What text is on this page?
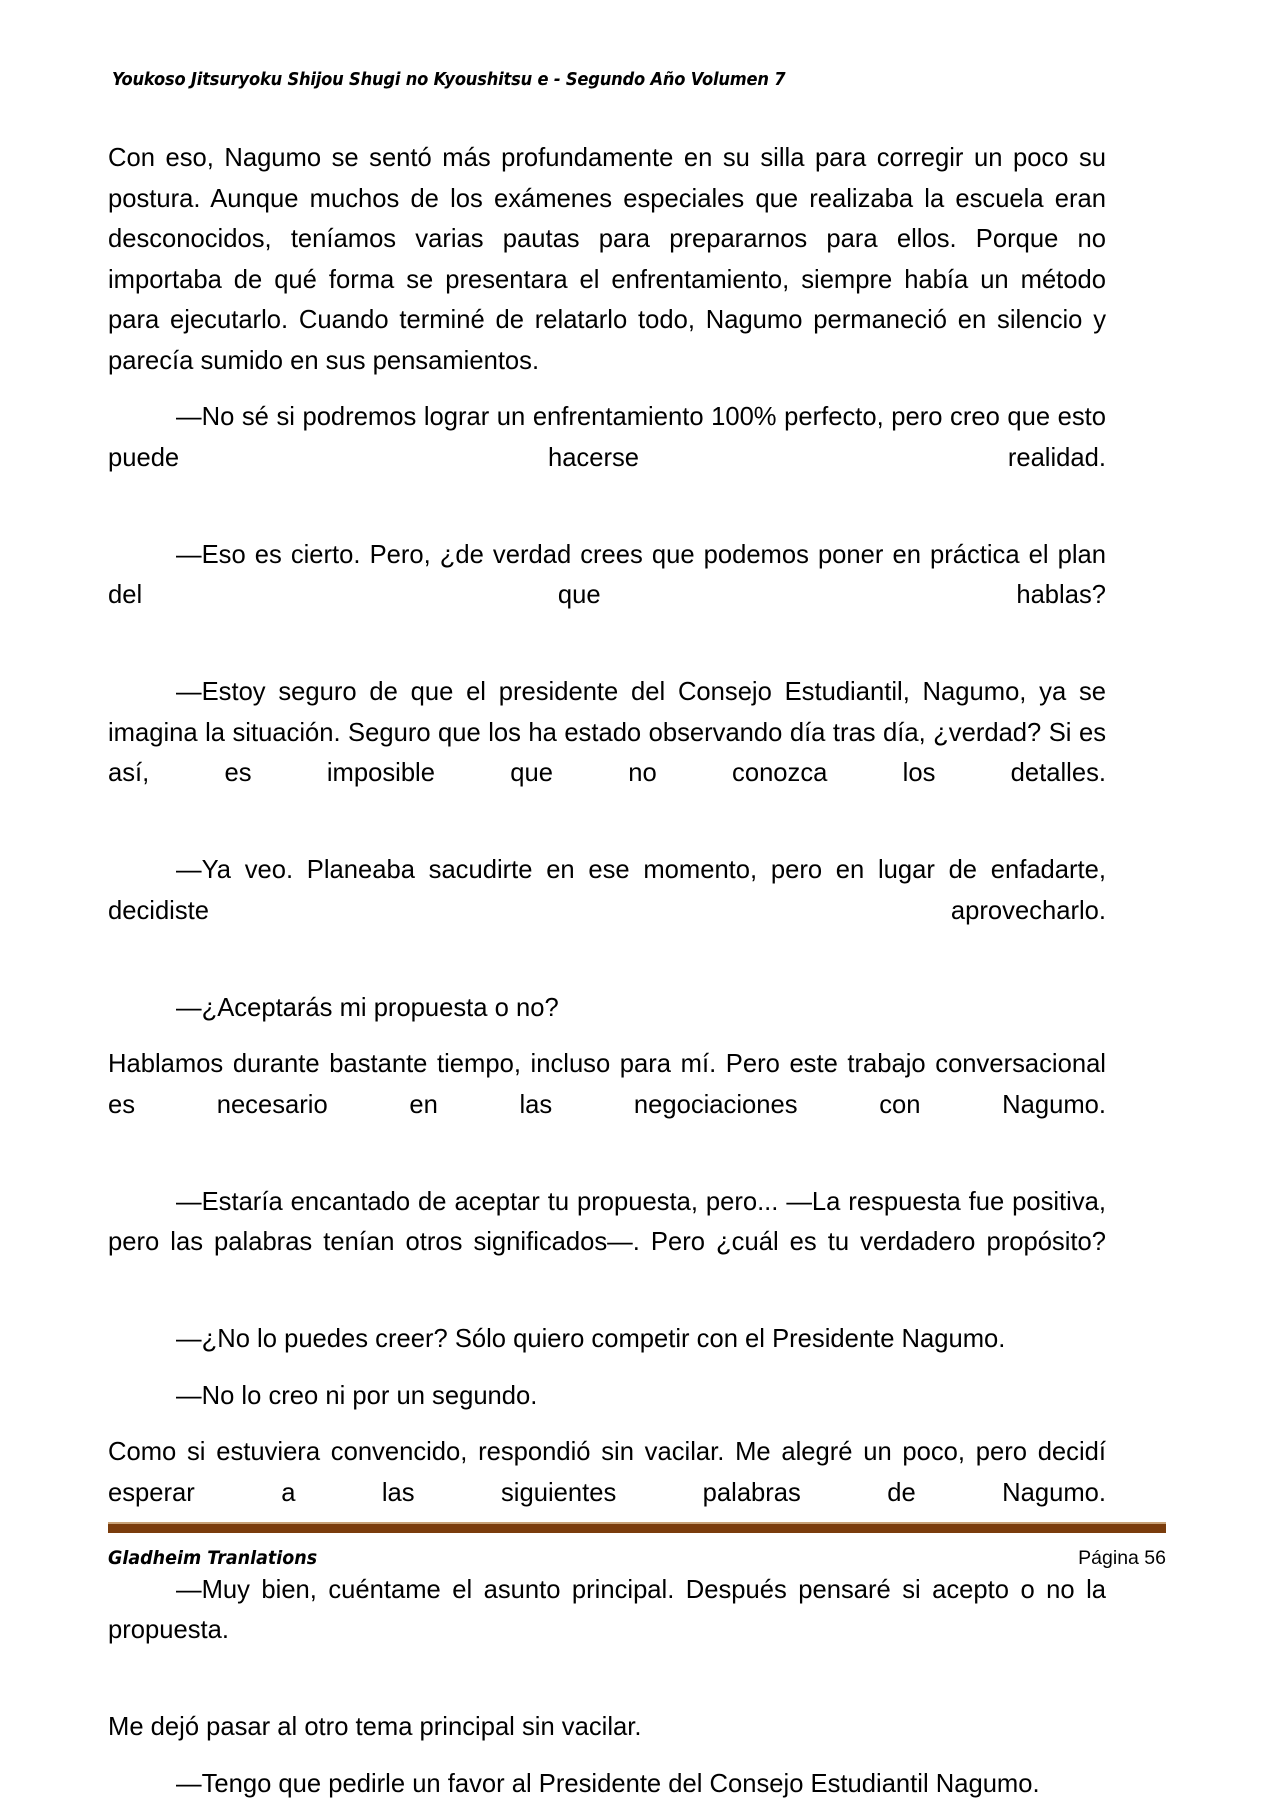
Youkoso Jitsuryoku Shijou Shugi no Kyoushitsu e - Segundo Año Volumen 7

Con eso, Nagumo se sentó más profundamente en su silla para corregir un poco su postura. Aunque muchos de los exámenes especiales que realizaba la escuela eran desconocidos, teníamos varias pautas para prepararnos para ellos. Porque no importaba de qué forma se presentara el enfrentamiento, siempre había un método para ejecutarlo. Cuando terminé de relatarlo todo, Nagumo permaneció en silencio y parecía sumido en sus pensamientos.

—No sé si podremos lograr un enfrentamiento 100% perfecto, pero creo que esto puede hacerse realidad.

—Eso es cierto. Pero, ¿de verdad crees que podemos poner en práctica el plan del que hablas?

—Estoy seguro de que el presidente del Consejo Estudiantil, Nagumo, ya se imagina la situación. Seguro que los ha estado observando día tras día, ¿verdad? Si es así, es imposible que no conozca los detalles.

—Ya veo. Planeaba sacudirte en ese momento, pero en lugar de enfadarte, decidiste aprovecharlo.

—¿Aceptarás mi propuesta o no?

Hablamos durante bastante tiempo, incluso para mí. Pero este trabajo conversacional es necesario en las negociaciones con Nagumo.

—Estaría encantado de aceptar tu propuesta, pero... —La respuesta fue positiva, pero las palabras tenían otros significados—. Pero ¿cuál es tu verdadero propósito?

—¿No lo puedes creer? Sólo quiero competir con el Presidente Nagumo.

—No lo creo ni por un segundo.

Como si estuviera convencido, respondió sin vacilar. Me alegré un poco, pero decidí esperar a las siguientes palabras de Nagumo.

—Muy bien, cuéntame el asunto principal. Después pensaré si acepto o no la propuesta.

Me dejó pasar al otro tema principal sin vacilar.

—Tengo que pedirle un favor al Presidente del Consejo Estudiantil Nagumo.

Gladheim Tranlations	Página 56
